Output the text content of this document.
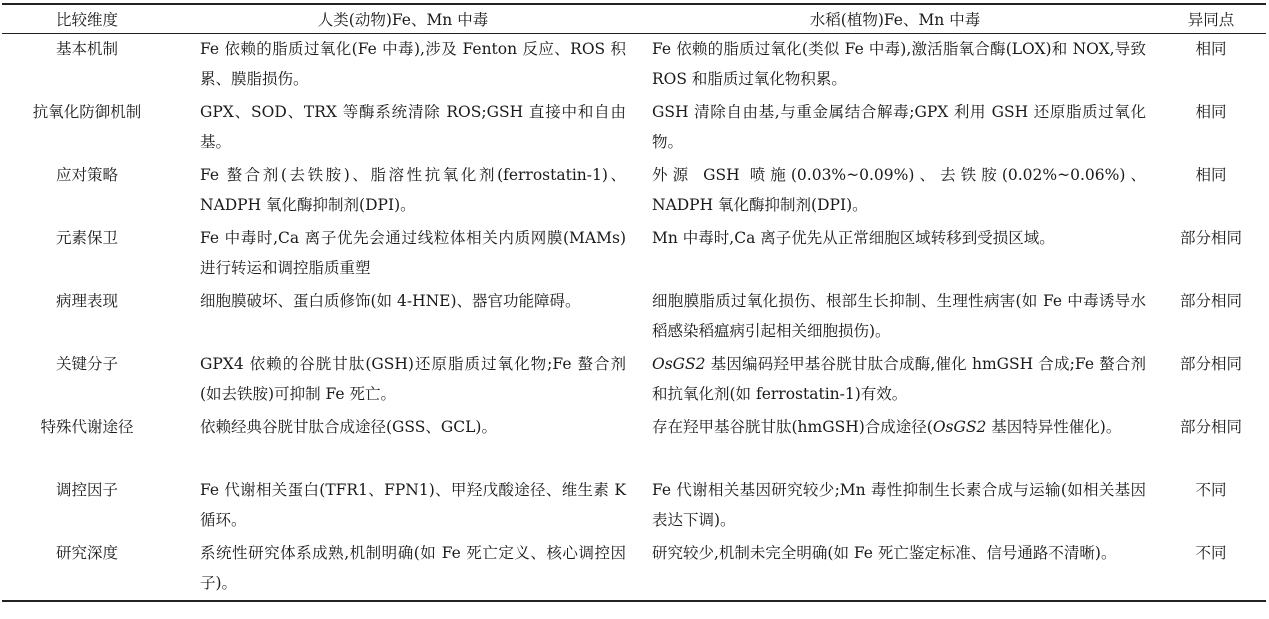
比较维度	人类(动物)Fe、Mn 中毒	水稻(植物)Fe、Mn 中毒	异同点
基本机制	Fe 依赖的脂质过氧化(Fe 中毒),涉及 Fenton 反应、ROS 积累、膜脂损伤。	Fe 依赖的脂质过氧化(类似 Fe 中毒),激活脂氧合酶(LOX)和 NOX,导致 ROS 和脂质过氧化物积累。	相同
抗氧化防御机制	GPX、SOD、TRX 等酶系统清除 ROS;GSH 直接中和自由基。	GSH 清除自由基,与重金属结合解毒;GPX 利用 GSH 还原脂质过氧化物。	相同
应对策略	Fe 螯合剂(去铁胺)、脂溶性抗氧化剂(ferrostatin-1)、NADPH 氧化酶抑制剂(DPI)。	外源 GSH 喷施(0.03%~0.09%)、去铁胺(0.02%~0.06%)、NADPH 氧化酶抑制剂(DPI)。	相同
元素保卫	Fe 中毒时,Ca 离子优先会通过线粒体相关内质网膜(MAMs)进行转运和调控脂质重塑	Mn 中毒时,Ca 离子优先从正常细胞区域转移到受损区域。	部分相同
病理表现	细胞膜破坏、蛋白质修饰(如 4-HNE)、器官功能障碍。	细胞膜脂质过氧化损伤、根部生长抑制、生理性病害(如 Fe 中毒诱导水稻感染稻瘟病引起相关细胞损伤)。	部分相同
关键分子	GPX4 依赖的谷胱甘肽(GSH)还原脂质过氧化物;Fe 螯合剂(如去铁胺)可抑制 Fe 死亡。	OsGS2 基因编码羟甲基谷胱甘肽合成酶,催化 hmGSH 合成;Fe 螯合剂和抗氧化剂(如 ferrostatin-1)有效。	部分相同
特殊代谢途径	依赖经典谷胱甘肽合成途径(GSS、GCL)。	存在羟甲基谷胱甘肽(hmGSH)合成途径(OsGS2 基因特异性催化)。	部分相同
调控因子	Fe 代谢相关蛋白(TFR1、FPN1)、甲羟戊酸途径、维生素 K 循环。	Fe 代谢相关基因研究较少;Mn 毒性抑制生长素合成与运输(如相关基因表达下调)。	不同
研究深度	系统性研究体系成熟,机制明确(如 Fe 死亡定义、核心调控因子)。	研究较少,机制未完全明确(如 Fe 死亡鉴定标准、信号通路不清晰)。	不同
